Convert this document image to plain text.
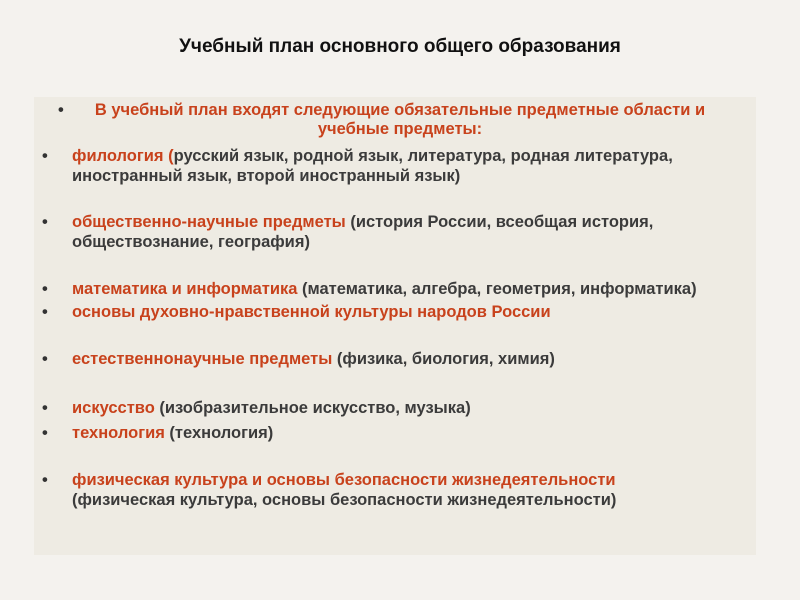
Учебный план основного общего образования
• В учебный план входят следующие обязательные предметные области и учебные предметы:
• филология (русский язык, родной язык, литература, родная литература, иностранный язык, второй иностранный язык)
• общественно-научные предметы (история России, всеобщая история, обществознание, география)
• математика и информатика (математика, алгебра, геометрия, информатика)
• основы духовно-нравственной культуры народов России
• естественнонаучные предметы (физика, биология, химия)
• искусство (изобразительное искусство, музыка)
• технология (технология)
• физическая культура и основы безопасности жизнедеятельности (физическая культура, основы безопасности жизнедеятельности)
